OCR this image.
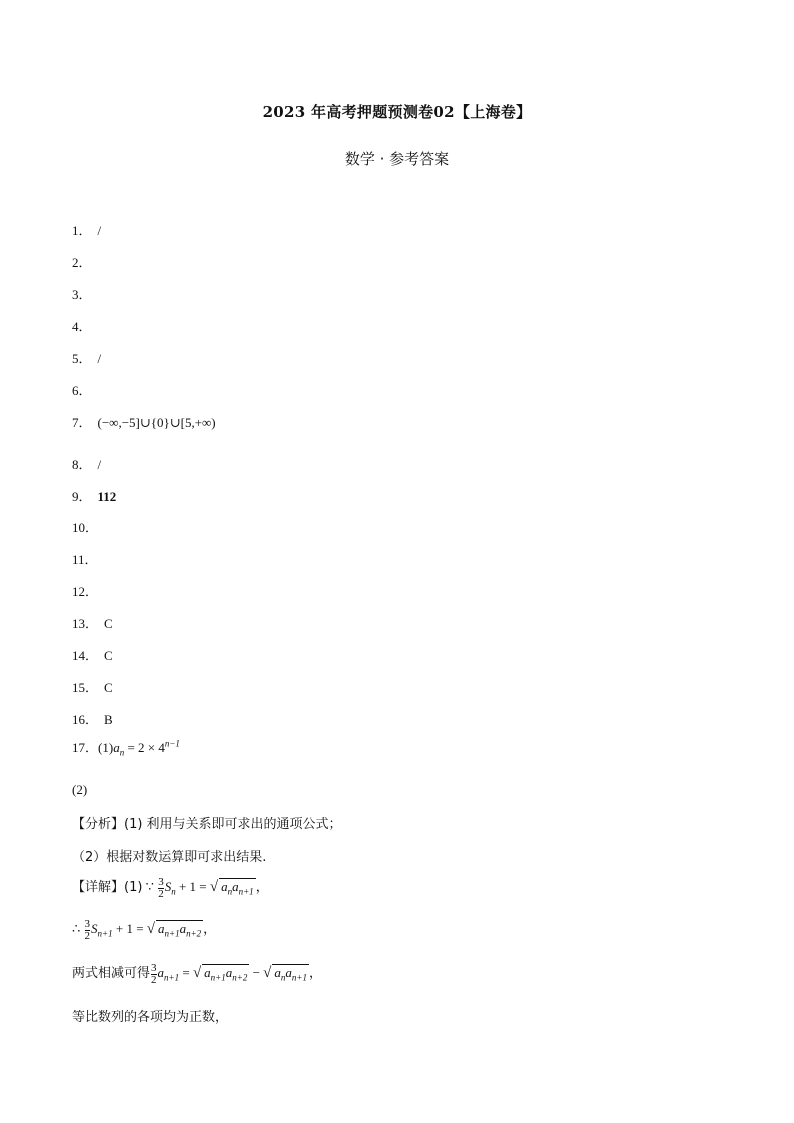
2023 年高考押题预测卷02【上海卷】
数学 · 参考答案
1． /
2．
3．
4．
5． /
6．
7． (−∞,−5]∪{0}∪[5,+∞)
8． /
9． 112
10．
11．
12．
13． C
14． C
15． C
16． B
17．$(1)a_n = 2 \times 4^{n-1}$
(2)
【分析】(1) 利用与关系即可求出的通项公式；
（2）根据对数运算即可求出结果.
【详解】(1) ∵ $\frac{3}{2} S_n + 1$ = √ $a_na_{n+1}$ ，
∴ $\frac{3}{2} S_{n+1} + 1$ = √ $a_{n+1}a_{n+2}$ ，
两式相减可得 $\frac{3}{2} a_{n+1}$ = √ $a_{n+1}a_{n+2}$ − √ $a_na_{n+1}$ ，
等比数列的各项均为正数，
